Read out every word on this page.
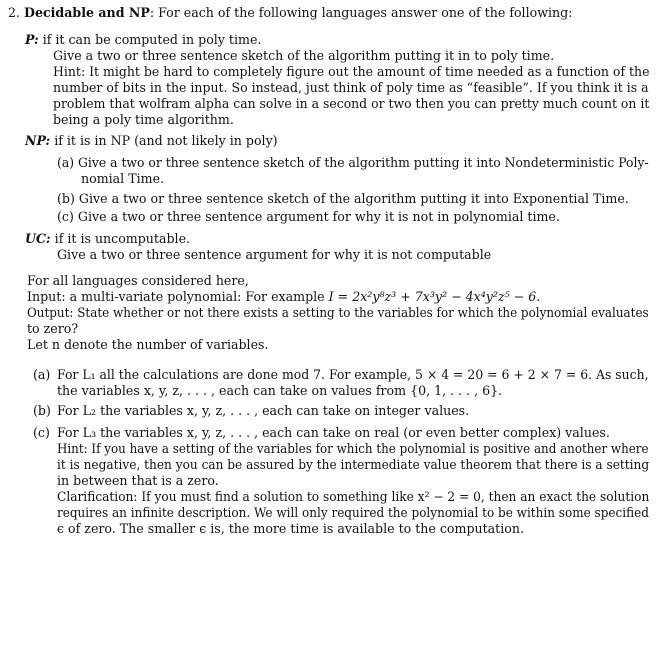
2. Decidable and NP: For each of the following languages answer one of the following:
P: if it can be computed in poly time.
Give a two or three sentence sketch of the algorithm putting it in to poly time.
Hint: It might be hard to completely figure out the amount of time needed as a function of the
number of bits in the input. So instead, just think of poly time as “feasible”. If you think it is a
problem that wolfram alpha can solve in a second or two then you can pretty much count on it
being a poly time algorithm.
NP: if it is in NP (and not likely in poly)
(a) Give a two or three sentence sketch of the algorithm putting it into Nondeterministic Poly-
nomial Time.
(b) Give a two or three sentence sketch of the algorithm putting it into Exponential Time.
(c) Give a two or three sentence argument for why it is not in polynomial time.
UC: if it is uncomputable.
Give a two or three sentence argument for why it is not computable
For all languages considered here,
Input: a multi-variate polynomial: For example I = 2x²y⁸z³ + 7x³y² − 4x⁴y²z⁵ − 6.
Output: State whether or not there exists a setting to the variables for which the polynomial evaluates
to zero?
Let n denote the number of variables.
(a) For L₁ all the calculations are done mod 7. For example, 5 × 4 = 20 = 6 + 2 × 7 = 6. As such,
the variables x, y, z, . . . , each can take on values from {0, 1, . . . , 6}.
(b) For L₂ the variables x, y, z, . . . , each can take on integer values.
(c) For L₃ the variables x, y, z, . . . , each can take on real (or even better complex) values.
Hint: If you have a setting of the variables for which the polynomial is positive and another where
it is negative, then you can be assured by the intermediate value theorem that there is a setting
in between that is a zero.
Clarification: If you must find a solution to something like x² − 2 = 0, then an exact the solution
requires an infinite description. We will only required the polynomial to be within some specified
ϵ of zero. The smaller ϵ is, the more time is available to the computation.
